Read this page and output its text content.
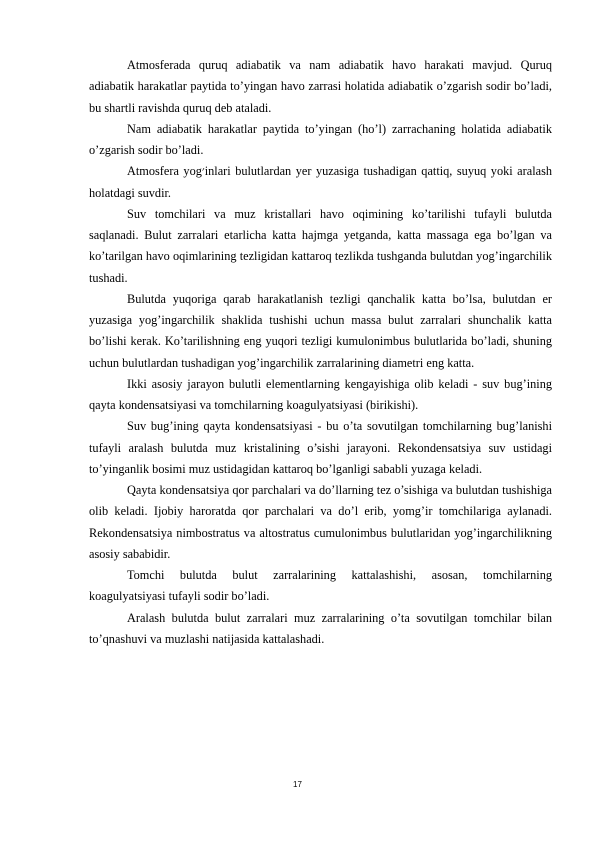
Atmosferada quruq adiabatik va nam adiabatik havo harakati mavjud. Quruq adiabatik harakatlar paytida to’yingan havo zarrasi holatida adiabatik o’zgarish sodir bo’ladi, bu shartli ravishda quruq deb ataladi.

Nam adiabatik harakatlar paytida to’yingan (ho’l) zarrachaning holatida adiabatik o’zgarish sodir bo’ladi.

Atmosfera yog׳inlari bulutlardan yer yuzasiga tushadigan qattiq, suyuq yoki aralash holatdagi suvdir.

Suv tomchilari va muz kristallari havo oqimining ko’tarilishi tufayli bulutda saqlanadi. Bulut zarralari etarlicha katta hajmga yetganda, katta massaga ega bo’lgan va ko’tarilgan havo oqimlarining tezligidan kattaroq tezlikda tushganda bulutdan yog’ingarchilik tushadi.

Bulutda yuqoriga qarab harakatlanish tezligi qanchalik katta bo’lsa, bulutdan er yuzasiga yog’ingarchilik shaklida tushishi uchun massa bulut zarralari shunchalik katta bo’lishi kerak. Ko’tarilishning eng yuqori tezligi kumulonimbus bulutlarida bo’ladi, shuning uchun bulutlardan tushadigan yog’ingarchilik zarralarining diametri eng katta.

Ikki asosiy jarayon bulutli elementlarning kengayishiga olib keladi - suv bug’ining qayta kondensatsiyasi va tomchilarning koagulyatsiyasi (birikishi).

Suv bug’ining qayta kondensatsiyasi - bu o’ta sovutilgan tomchilarning bug’lanishi tufayli aralash bulutda muz kristalining o’sishi jarayoni. Rekondensatsiya suv ustidagi to’yinganlik bosimi muz ustidagidan kattaroq bo’lganligi sababli yuzaga keladi.

Qayta kondensatsiya qor parchalari va do’llarning tez o’sishiga va bulutdan tushishiga olib keladi. Ijobiy haroratda qor parchalari va do’l erib, yomg’ir tomchilariga aylanadi. Rekondensatsiya nimbostratus va altostratus cumulonimbus bulutlaridan yog’ingarchilikning asosiy sababidir.

Tomchi bulutda bulut zarralarining kattalashishi, asosan, tomchilarning koagulyatsiyasi tufayli sodir bo’ladi.

Aralash bulutda bulut zarralari muz zarralarining o’ta sovutilgan tomchilar bilan to’qnashuvi va muzlashi natijasida kattalashadi.

17
